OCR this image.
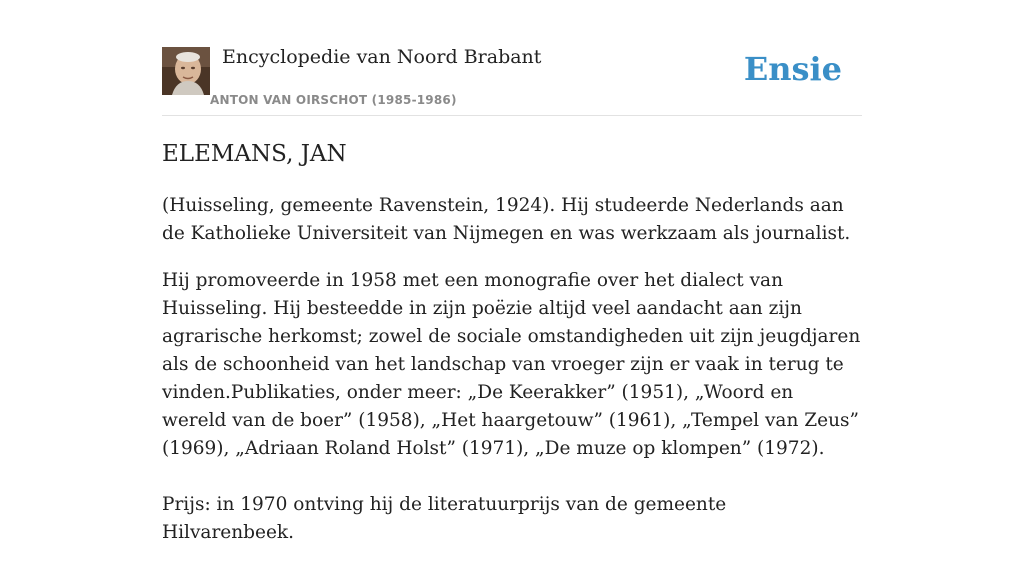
Encyclopedie van Noord Brabant
ANTON VAN OIRSCHOT (1985-1986)
Ensie
ELEMANS, JAN

(Huisseling, gemeente Ravenstein, 1924). Hij studeerde Nederlands aan de Katholieke Universiteit van Nijmegen en was werkzaam als journalist.

Hij promoveerde in 1958 met een monografie over het dialect van Huisseling. Hij besteedde in zijn poëzie altijd veel aandacht aan zijn agrarische herkomst; zowel de sociale omstandigheden uit zijn jeugdjaren als de schoonheid van het landschap van vroeger zijn er vaak in terug te vinden.Publikaties, onder meer: „De Keerakker” (1951), „Woord en wereld van de boer” (1958), „Het haargetouw” (1961), „Tempel van Zeus” (1969), „Adriaan Roland Holst” (1971), „De muze op klompen” (1972).

Prijs: in 1970 ontving hij de literatuurprijs van de gemeente Hilvarenbeek.
